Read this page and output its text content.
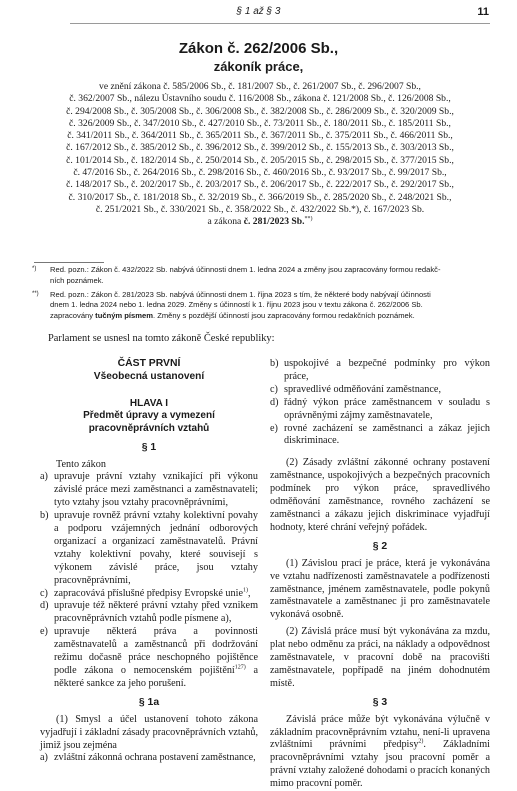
§ 1 až § 3	11
Zákon č. 262/2006 Sb.,
zákoník práce,
ve znění zákona č. 585/2006 Sb., č. 181/2007 Sb., č. 261/2007 Sb., č. 296/2007 Sb.,
č. 362/2007 Sb., nálezu Ústavního soudu č. 116/2008 Sb., zákona č. 121/2008 Sb., č. 126/2008 Sb.,
č. 294/2008 Sb., č. 305/2008 Sb., č. 306/2008 Sb., č. 382/2008 Sb., č. 286/2009 Sb., č. 320/2009 Sb.,
č. 326/2009 Sb., č. 347/2010 Sb., č. 427/2010 Sb., č. 73/2011 Sb., č. 180/2011 Sb., č. 185/2011 Sb.,
č. 341/2011 Sb., č. 364/2011 Sb., č. 365/2011 Sb., č. 367/2011 Sb., č. 375/2011 Sb., č. 466/2011 Sb.,
č. 167/2012 Sb., č. 385/2012 Sb., č. 396/2012 Sb., č. 399/2012 Sb., č. 155/2013 Sb., č. 303/2013 Sb.,
č. 101/2014 Sb., č. 182/2014 Sb., č. 250/2014 Sb., č. 205/2015 Sb., č. 298/2015 Sb., č. 377/2015 Sb.,
č. 47/2016 Sb., č. 264/2016 Sb., č. 298/2016 Sb., č. 460/2016 Sb., č. 93/2017 Sb., č. 99/2017 Sb.,
č. 148/2017 Sb., č. 202/2017 Sb., č. 203/2017 Sb., č. 206/2017 Sb., č. 222/2017 Sb., č. 292/2017 Sb.,
č. 310/2017 Sb., č. 181/2018 Sb., č. 32/2019 Sb., č. 366/2019 Sb., č. 285/2020 Sb., č. 248/2021 Sb.,
č. 251/2021 Sb., č. 330/2021 Sb., č. 358/2022 Sb., č. 432/2022 Sb.*), č. 167/2023 Sb.
a zákona č. 281/2023 Sb.**)
*) Red. pozn.: Zákon č. 432/2022 Sb. nabývá účinnosti dnem 1. ledna 2024 a změny jsou zapracovány formou redakč-
ních poznámek.
**) Red. pozn.: Zákon č. 281/2023 Sb. nabývá účinnosti dnem 1. října 2023 s tím, že některé body nabývají účinnosti
dnem 1. ledna 2024 nebo 1. ledna 2029. Změny s účinností k 1. říjnu 2023 jsou v textu zákona č. 262/2006 Sb.
zapracovány tučným písmem. Změny s pozdější účinností jsou zapracovány formou redakčních poznámek.
Parlament se usnesl na tomto zákoně České republiky:
ČÁST PRVNÍ
Všeobecná ustanovení
HLAVA I
Předmět úpravy a vymezení
pracovněprávních vztahů
§ 1
Tento zákon
a) upravuje právní vztahy vznikající při výkonu závislé práce mezi zaměstnanci a zaměstnavateli; tyto vztahy jsou vztahy pracovněprávními,
b) upravuje rovněž právní vztahy kolektivní povahy a podporu vzájemných jednání odborových organizací a organizací zaměstnavatelů. Právní vztahy kolektivní povahy, které souvisejí s výkonem závislé práce, jsou vztahy pracovněprávními,
c) zapracovává příslušné předpisy Evropské unie$^{1)}$,
d) upravuje též některé právní vztahy před vznikem pracovněprávních vztahů podle písmene a),
e) upravuje některá práva a povinnosti zaměstnavatelů a zaměstnanců při dodržování režimu dočasně práce neschopného pojištěnce podle zákona o nemocenském pojištění$^{127)}$ a některé sankce za jeho porušení.
§ 1a
(1) Smysl a účel ustanovení tohoto zákona vyjadřují i základní zásady pracovněprávních vztahů, jimiž jsou zejména
a) zvláštní zákonná ochrana postavení zaměstnance,
b) uspokojivé a bezpečné podmínky pro výkon práce,
c) spravedlivé odměňování zaměstnance,
d) řádný výkon práce zaměstnancem v souladu s oprávněnými zájmy zaměstnavatele,
e) rovné zacházení se zaměstnanci a zákaz jejich diskriminace.
(2) Zásady zvláštní zákonné ochrany postavení zaměstnance, uspokojivých a bezpečných pracovních podmínek pro výkon práce, spravedlivého odměňování zaměstnance, rovného zacházení se zaměstnanci a zákazu jejich diskriminace vyjadřují hodnoty, které chrání veřejný pořádek.
§ 2
(1) Závislou prací je práce, která je vykonávána ve vztahu nadřízenosti zaměstnavatele a podřízenosti zaměstnance, jménem zaměstnavatele, podle pokynů zaměstnavatele a zaměstnanec ji pro zaměstnavatele vykonává osobně.
(2) Závislá práce musí být vykonávána za mzdu, plat nebo odměnu za práci, na náklady a odpovědnost zaměstnavatele, v pracovní době na pracovišti zaměstnavatele, popřípadě na jiném dohodnutém místě.
§ 3
Závislá práce může být vykonávána výlučně v základním pracovněprávním vztahu, není-li upravena zvláštními právními předpisy$^{2)}$. Základními pracovněprávními vztahy jsou pracovní poměr a právní vztahy založené dohodami o pracích konaných mimo pracovní poměr.
